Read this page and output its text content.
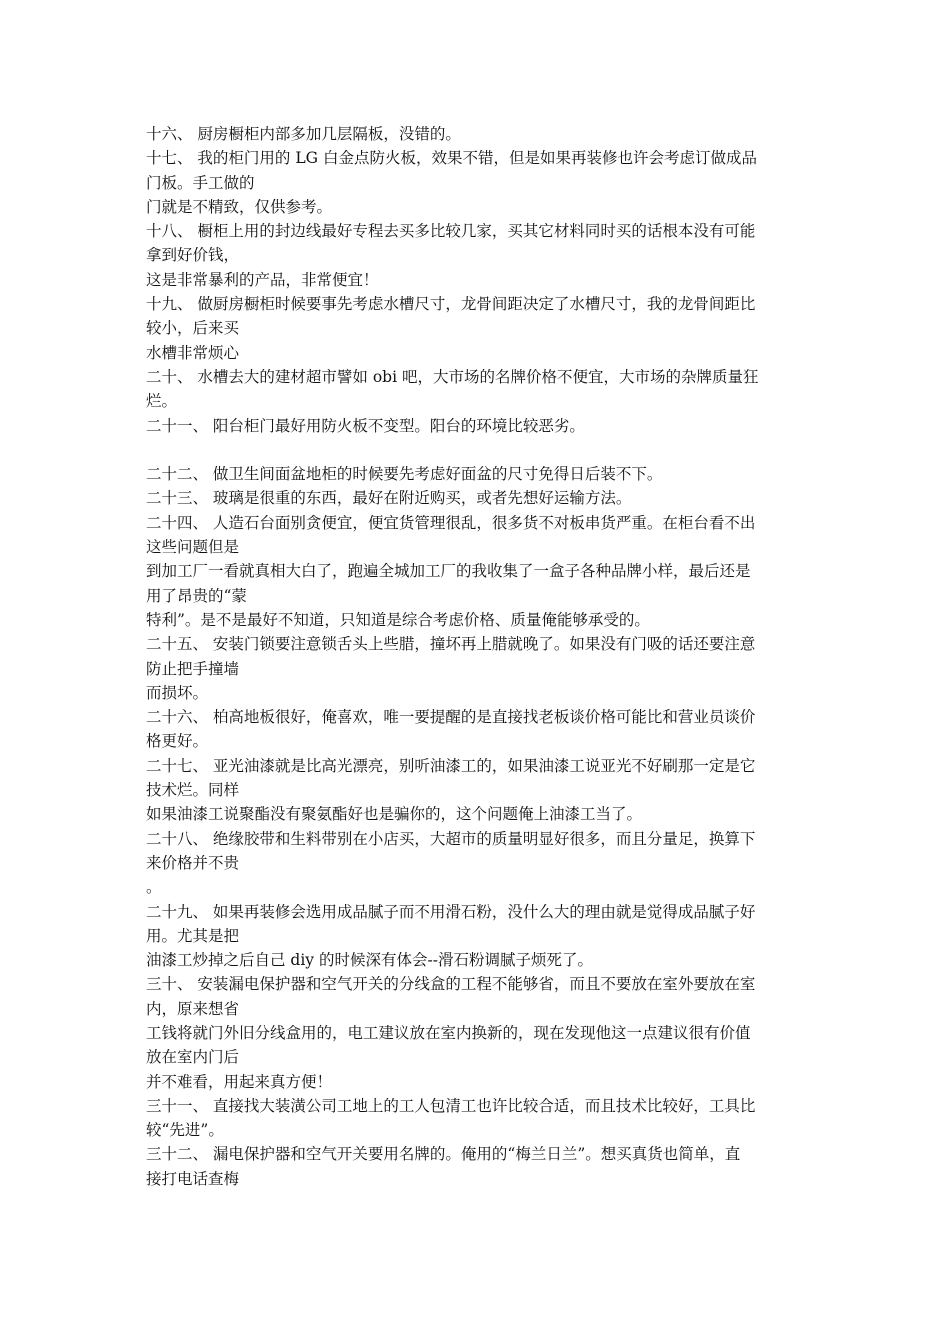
十六、 厨房橱柜内部多加几层隔板，没错的。
十七、 我的柜门用的 LG 白金点防火板，效果不错，但是如果再装修也许会考虑订做成品
门板。手工做的
门就是不精致，仅供参考。
十八、 橱柜上用的封边线最好专程去买多比较几家，买其它材料同时买的话根本没有可能
拿到好价钱，
这是非常暴利的产品，非常便宜！
十九、 做厨房橱柜时候要事先考虑水槽尺寸，龙骨间距决定了水槽尺寸，我的龙骨间距比
较小，后来买
水槽非常烦心
二十、 水槽去大的建材超市譬如 obi 吧，大市场的名牌价格不便宜，大市场的杂牌质量狂
烂。
二十一、 阳台柜门最好用防火板不变型。阳台的环境比较恶劣。
二十二、 做卫生间面盆地柜的时候要先考虑好面盆的尺寸免得日后装不下。
二十三、 玻璃是很重的东西，最好在附近购买，或者先想好运输方法。
二十四、 人造石台面别贪便宜，便宜货管理很乱，很多货不对板串货严重。在柜台看不出
这些问题但是
到加工厂一看就真相大白了，跑遍全城加工厂的我收集了一盒子各种品牌小样，最后还是
用了昂贵的“蒙
特利”。是不是最好不知道，只知道是综合考虑价格、质量俺能够承受的。
二十五、 安装门锁要注意锁舌头上些腊，撞坏再上腊就晚了。如果没有门吸的话还要注意
防止把手撞墙
而损坏。
二十六、 柏高地板很好，俺喜欢，唯一要提醒的是直接找老板谈价格可能比和营业员谈价
格更好。
二十七、 亚光油漆就是比高光漂亮，别听油漆工的，如果油漆工说亚光不好刷那一定是它
技术烂。同样
如果油漆工说聚酯没有聚氨酯好也是骗你的，这个问题俺上油漆工当了。
二十八、 绝缘胶带和生料带别在小店买，大超市的质量明显好很多，而且分量足，换算下
来价格并不贵
。
二十九、 如果再装修会选用成品腻子而不用滑石粉，没什么大的理由就是觉得成品腻子好
用。尤其是把
油漆工炒掉之后自己 diy 的时候深有体会--滑石粉调腻子烦死了。
三十、 安装漏电保护器和空气开关的分线盒的工程不能够省，而且不要放在室外要放在室
内，原来想省
工钱将就门外旧分线盒用的，电工建议放在室内换新的，现在发现他这一点建议很有价值
放在室内门后
并不难看，用起来真方便！
三十一、 直接找大装潢公司工地上的工人包清工也许比较合适，而且技术比较好，工具比
较“先进”。
三十二、 漏电保护器和空气开关要用名牌的。俺用的“梅兰日兰”。想买真货也简单，直
接打电话查梅
